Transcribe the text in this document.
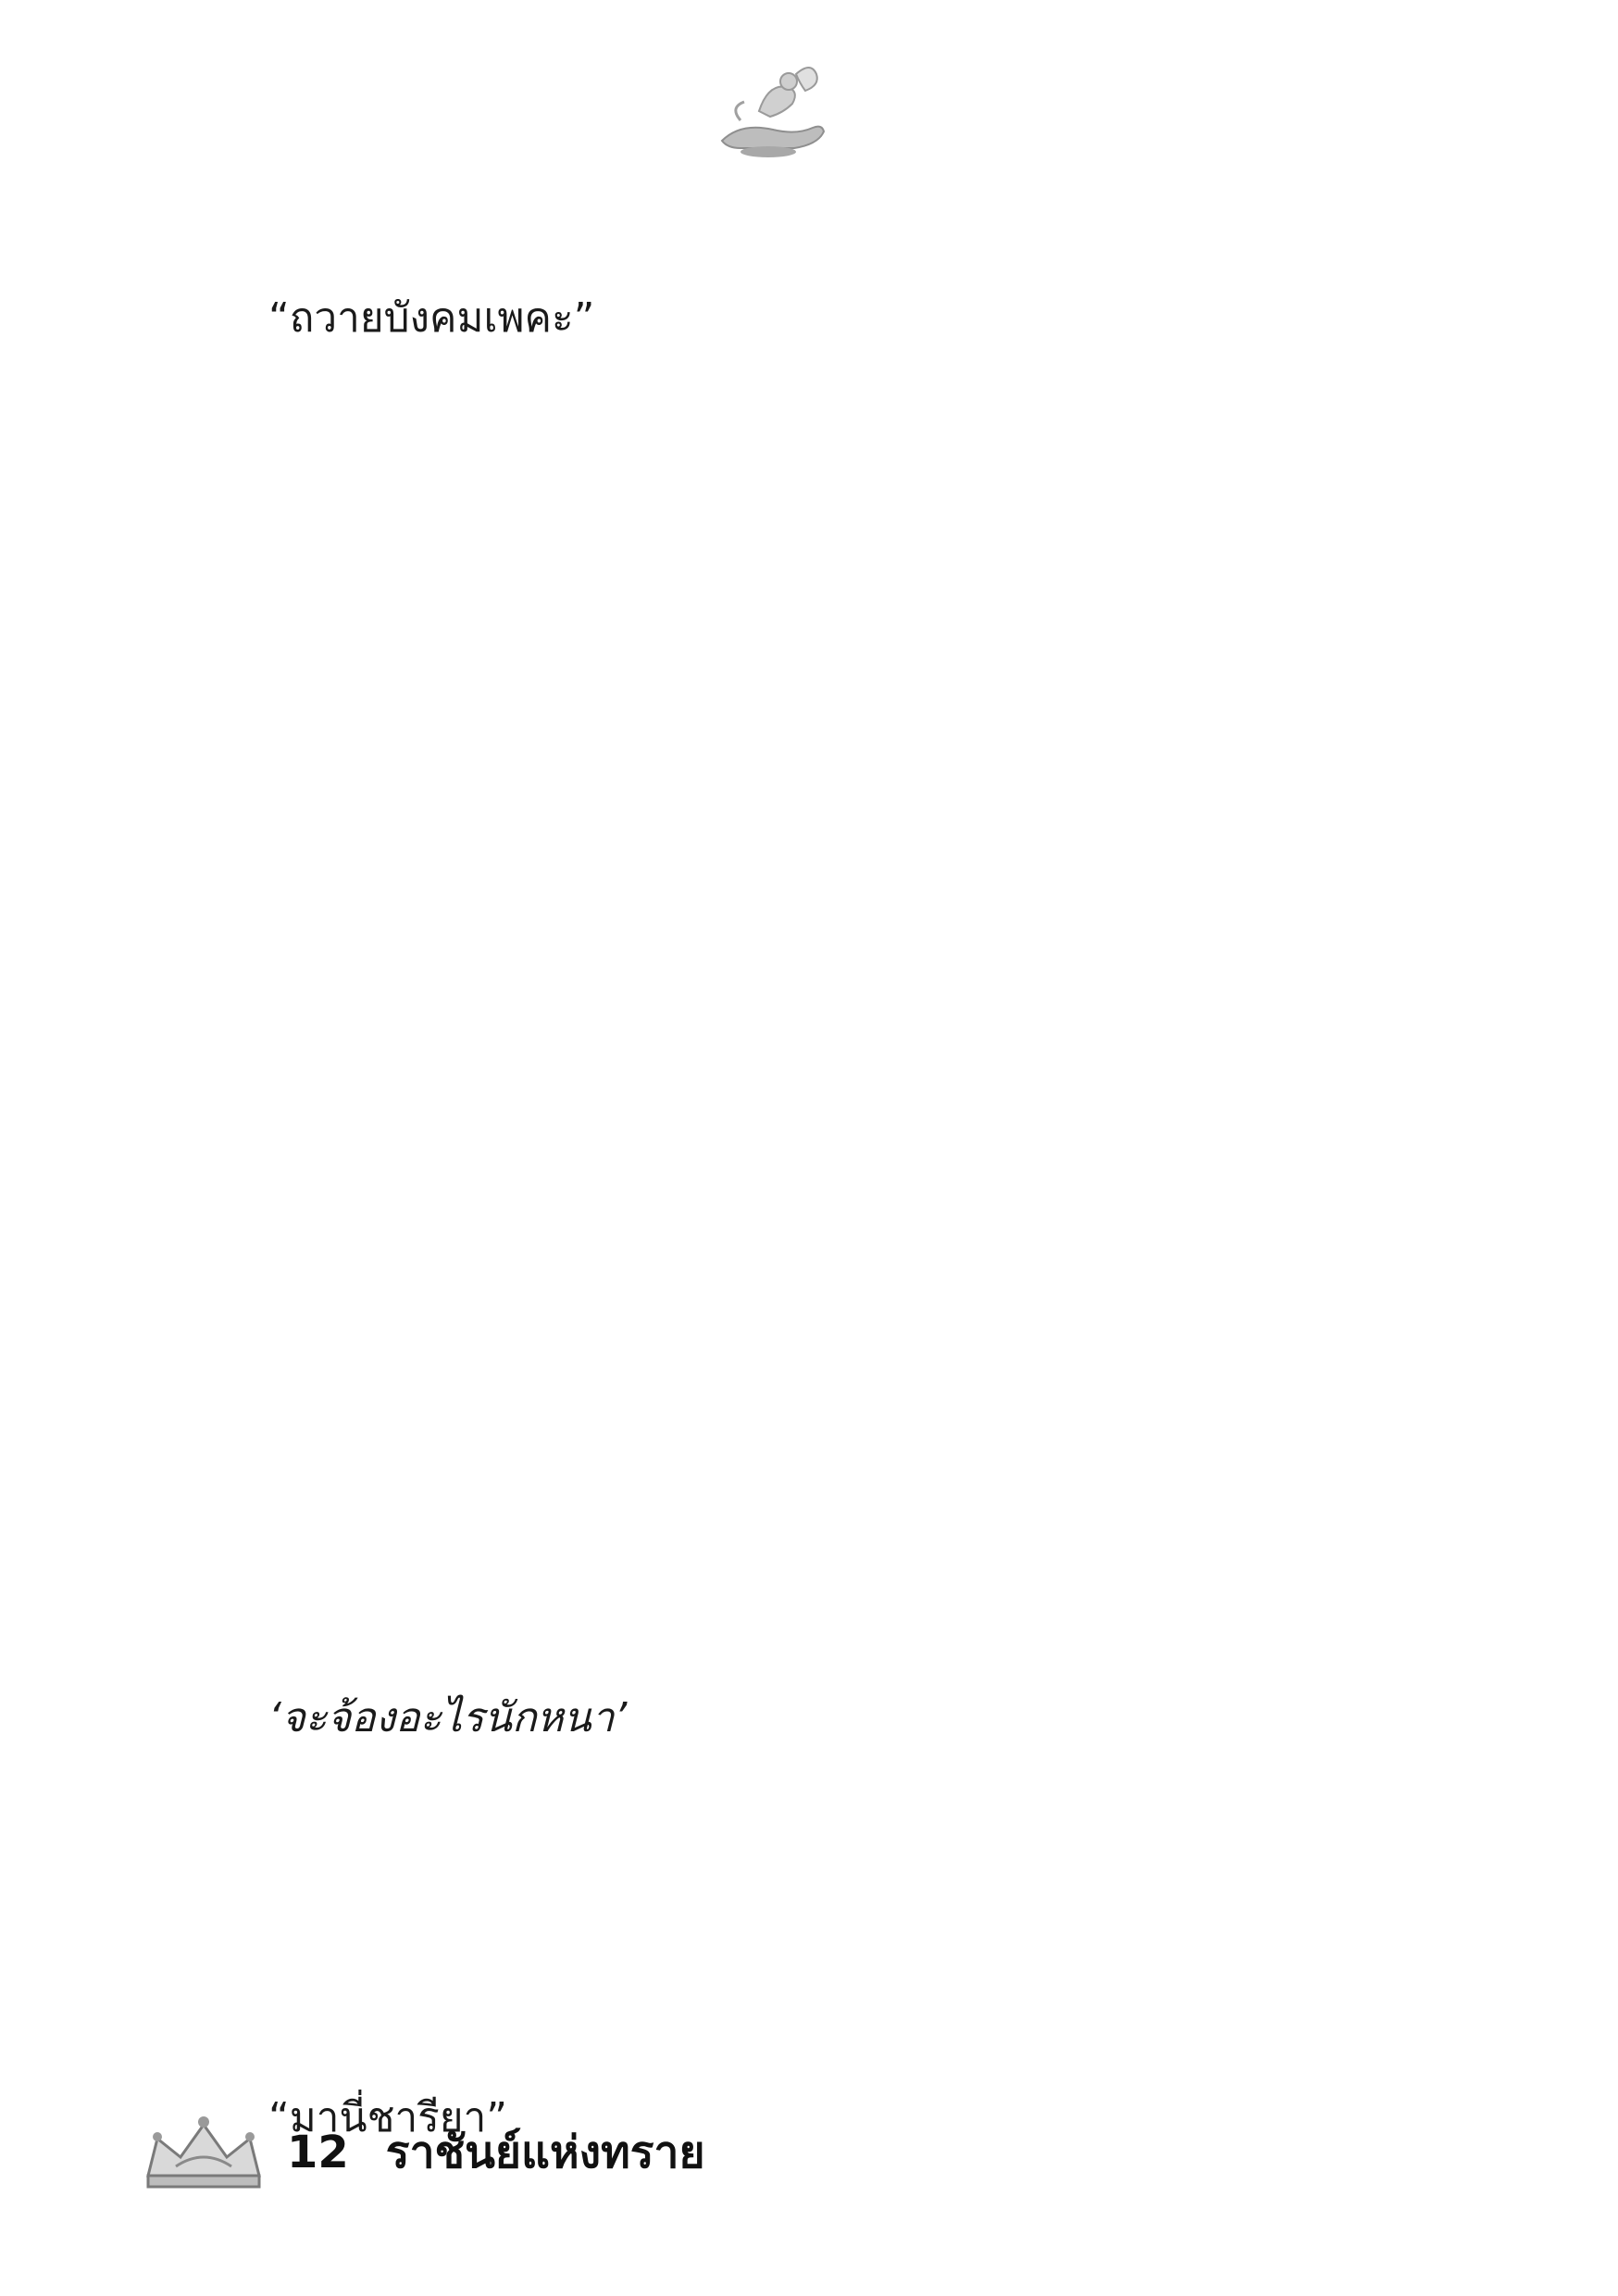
“ถวายบังคมเพคะ”
‘จะจ้องอะไรนักหนา’
“มานี่ชารียา”
12 ราชันย์แห่งทราย
